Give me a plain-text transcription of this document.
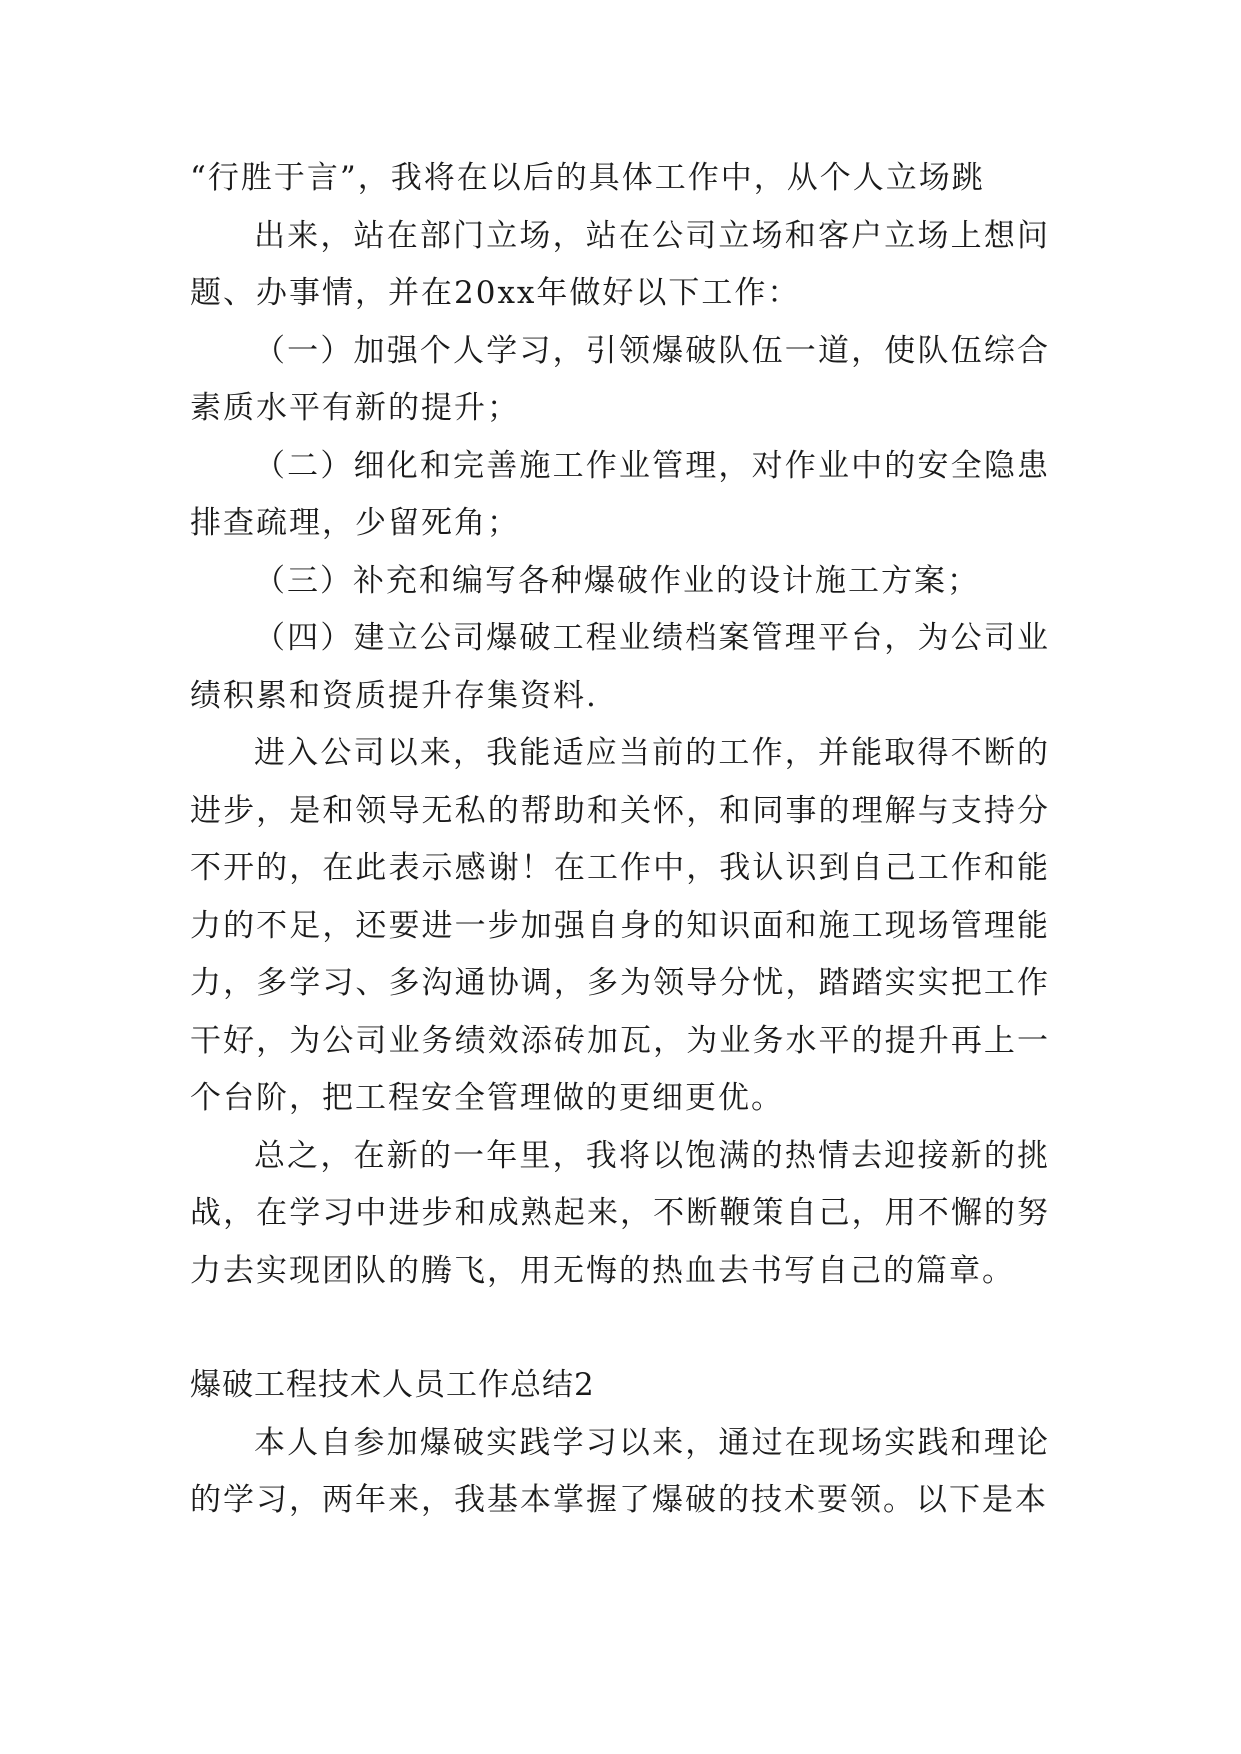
“行胜于言”，我将在以后的具体工作中，从个人立场跳

出来，站在部门立场，站在公司立场和客户立场上想问题、办事情，并在20xx年做好以下工作：

（一）加强个人学习，引领爆破队伍一道，使队伍综合素质水平有新的提升；

（二）细化和完善施工作业管理，对作业中的安全隐患排查疏理，少留死角；

（三）补充和编写各种爆破作业的设计施工方案；

（四）建立公司爆破工程业绩档案管理平台，为公司业绩积累和资质提升存集资料.

进入公司以来，我能适应当前的工作，并能取得不断的进步，是和领导无私的帮助和关怀，和同事的理解与支持分不开的，在此表示感谢！在工作中，我认识到自己工作和能力的不足，还要进一步加强自身的知识面和施工现场管理能力，多学习、多沟通协调，多为领导分忧，踏踏实实把工作干好，为公司业务绩效添砖加瓦，为业务水平的提升再上一个台阶，把工程安全管理做的更细更优。

总之，在新的一年里，我将以饱满的热情去迎接新的挑战，在学习中进步和成熟起来，不断鞭策自己，用不懈的努力去实现团队的腾飞，用无悔的热血去书写自己的篇章。

爆破工程技术人员工作总结2

本人自参加爆破实践学习以来，通过在现场实践和理论的学习，两年来，我基本掌握了爆破的技术要领。以下是本
